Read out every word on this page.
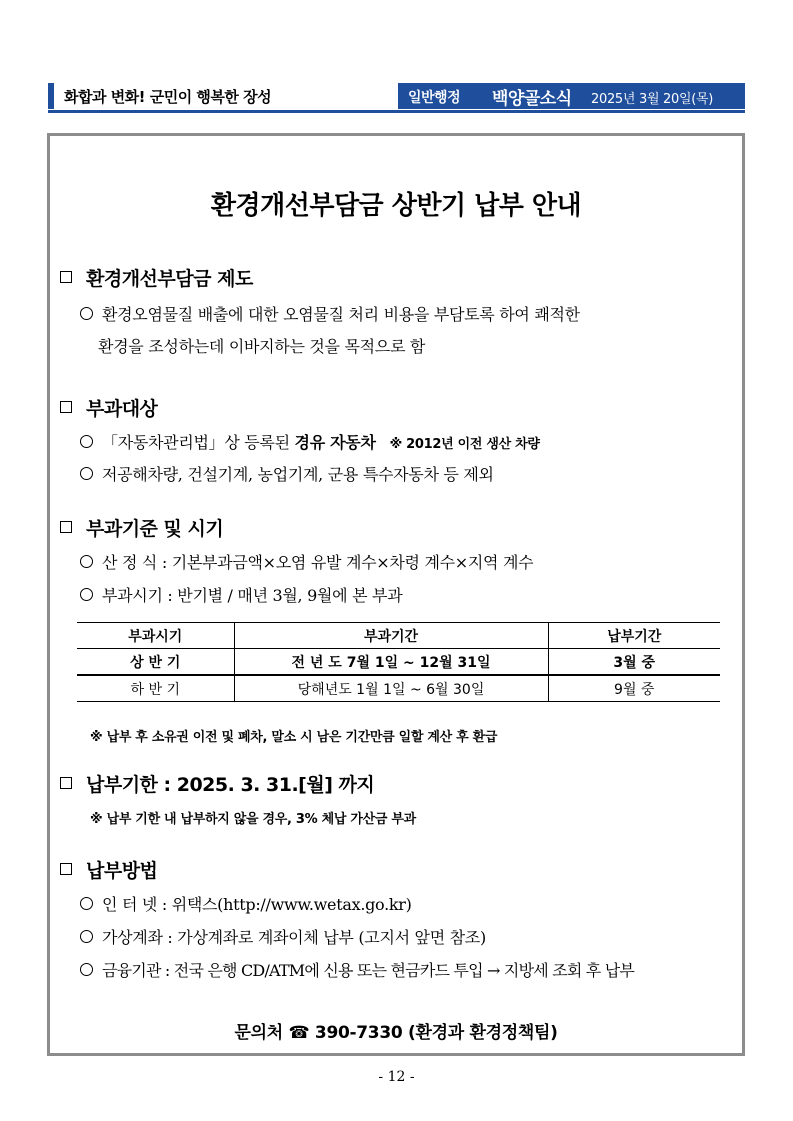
화합과 변화! 군민이 행복한 장성	일반행정 백양골소식 2025년 3월 20일(목)
환경개선부담금 상반기 납부 안내
환경개선부담금 제도
환경오염물질 배출에 대한 오염물질 처리 비용을 부담토록 하여 쾌적한
환경을 조성하는데 이바지하는 것을 목적으로 함
부과대상
「자동차관리법」상 등록된 경유 자동차 ※ 2012년 이전 생산 차량
저공해차량, 건설기계, 농업기계, 군용 특수자동차 등 제외
부과기준 및 시기
산 정 식 : 기본부과금액×오염 유발 계수×차령 계수×지역 계수
부과시기 : 반기별 / 매년 3월, 9월에 본 부과
부과시기	부과기간	납부기간
상 반 기	전 년 도 7월 1일 ~ 12월 31일	3월 중
하 반 기	당해년도 1월 1일 ~ 6월 30일	9월 중
※ 납부 후 소유권 이전 및 폐차, 말소 시 남은 기간만큼 일할 계산 후 환급
납부기한 : 2025. 3. 31.[월] 까지
※ 납부 기한 내 납부하지 않을 경우, 3% 체납 가산금 부과
납부방법
인 터 넷 : 위택스(http://www.wetax.go.kr)
가상계좌 : 가상계좌로 계좌이체 납부 (고지서 앞면 참조)
금융기관 : 전국 은행 CD/ATM에 신용 또는 현금카드 투입 → 지방세 조회 후 납부
문의처 ☎ 390-7330 (환경과 환경정책팀)
- 12 -
